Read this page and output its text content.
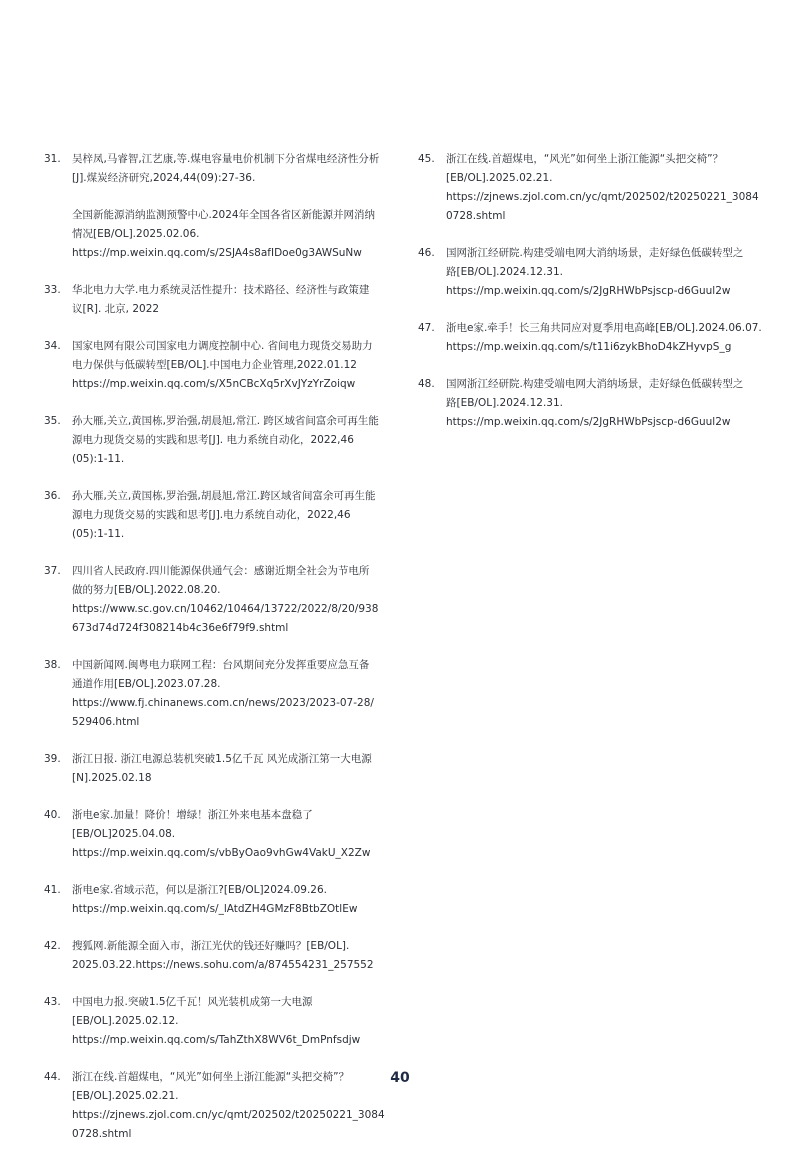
31.	吴梓凤,马睿智,江艺康,等.煤电容量电价机制下分省煤电经济性分析
[J].煤炭经济研究,2024,44(09):27-36.
全国新能源消纳监测预警中心.2024年全国各省区新能源并网消纳
情况[EB/OL].2025.02.06.
https://mp.weixin.qq.com/s/2SJA4s8afIDoe0g3AWSuNw
33.	华北电力大学.电力系统灵活性提升：技术路径、经济性与政策建
议[R]. 北京, 2022
34.	国家电网有限公司国家电力调度控制中心. 省间电力现货交易助力
电力保供与低碳转型[EB/OL].中国电力企业管理,2022.01.12
https://mp.weixin.qq.com/s/X5nCBcXq5rXvJYzYrZoiqw
35.	孙大雁,关立,黄国栋,罗治强,胡晨旭,常江. 跨区域省间富余可再生能
源电力现货交易的实践和思考[J]. 电力系统自动化，2022,46
(05):1-11.
36.	孙大雁,关立,黄国栋,罗治强,胡晨旭,常江.跨区域省间富余可再生能
源电力现货交易的实践和思考[J].电力系统自动化，2022,46
(05):1-11.
37.	四川省人民政府.四川能源保供通气会：感谢近期全社会为节电所
做的努力[EB/OL].2022.08.20.
https://www.sc.gov.cn/10462/10464/13722/2022/8/20/938
673d74d724f308214b4c36e6f79f9.shtml
38.	中国新闻网.闽粤电力联网工程：台风期间充分发挥重要应急互备
通道作用[EB/OL].2023.07.28.
https://www.fj.chinanews.com.cn/news/2023/2023-07-28/
529406.html
39.	浙江日报. 浙江电源总装机突破1.5亿千瓦 风光成浙江第一大电源
[N].2025.02.18
40.	浙电e家.加量！降价！增绿！浙江外来电基本盘稳了
[EB/OL]2025.04.08.
https://mp.weixin.qq.com/s/vbByOao9vhGw4VakU_X2Zw
41.	浙电e家.省域示范，何以是浙江?[EB/OL]2024.09.26.
https://mp.weixin.qq.com/s/_lAtdZH4GMzF8BtbZOtlEw
42.	搜狐网.新能源全面入市，浙江光伏的钱还好赚吗？[EB/OL].
2025.03.22.https://news.sohu.com/a/874554231_257552
43.	中国电力报.突破1.5亿千瓦！风光装机成第一大电源
[EB/OL].2025.02.12.
https://mp.weixin.qq.com/s/TahZthX8WV6t_DmPnfsdjw
44.	浙江在线.首超煤电，“风光”如何坐上浙江能源“头把交椅”？
[EB/OL].2025.02.21.
https://zjnews.zjol.com.cn/yc/qmt/202502/t20250221_3084
0728.shtml
45.	浙江在线.首超煤电，“风光”如何坐上浙江能源“头把交椅”？
[EB/OL].2025.02.21.
https://zjnews.zjol.com.cn/yc/qmt/202502/t20250221_3084
0728.shtml
46.	国网浙江经研院.构建受端电网大消纳场景，走好绿色低碳转型之
路[EB/OL].2024.12.31.
https://mp.weixin.qq.com/s/2JgRHWbPsjscp-d6Guul2w
47.	浙电e家.牵手！长三角共同应对夏季用电高峰[EB/OL].2024.06.07.
https://mp.weixin.qq.com/s/t11i6zykBhoD4kZHyvpS_g
48.	国网浙江经研院.构建受端电网大消纳场景，走好绿色低碳转型之
路[EB/OL].2024.12.31.
https://mp.weixin.qq.com/s/2JgRHWbPsjscp-d6Guul2w
40
